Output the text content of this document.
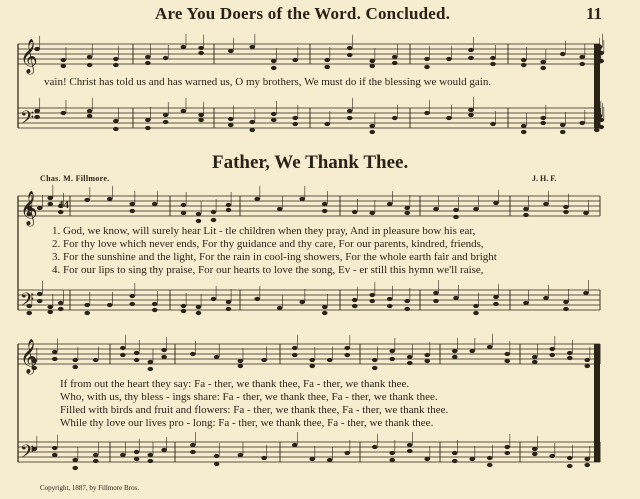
Are You Doers of the Word. Concluded.	11
𝄞
𝄢
𝄞
𝄢
44
𝄞
𝄢
vain! Christ has told us and has warned us, O my brothers, We must do if the blessing we would gain.
Father, We Thank Thee.
Chas. M. Fillmore.	J. H. F.
1. God, we know, will surely hear Lit - tle children when they pray, And in pleasure bow his ear,
2. For thy love which never ends, For thy guidance and thy care, For our parents, kindred, friends,
3. For the sunshine and the light, For the rain in cool-ing showers, For the whole earth fair and bright
4. For our lips to sing thy praise, For our hearts to love the song, Ev - er still this hymn we'll raise,
If from out the heart they say: Fa - ther, we thank thee, Fa - ther, we thank thee.
Who, with us, thy bless - ings share: Fa - ther, we thank thee, Fa - ther, we thank thee.
Filled with birds and fruit and flowers: Fa - ther, we thank thee, Fa - ther, we thank thee.
While thy love our lives pro - long: Fa - ther, we thank thee, Fa - ther, we thank thee.
Copyright, 1887, by Fillmore Bros.
